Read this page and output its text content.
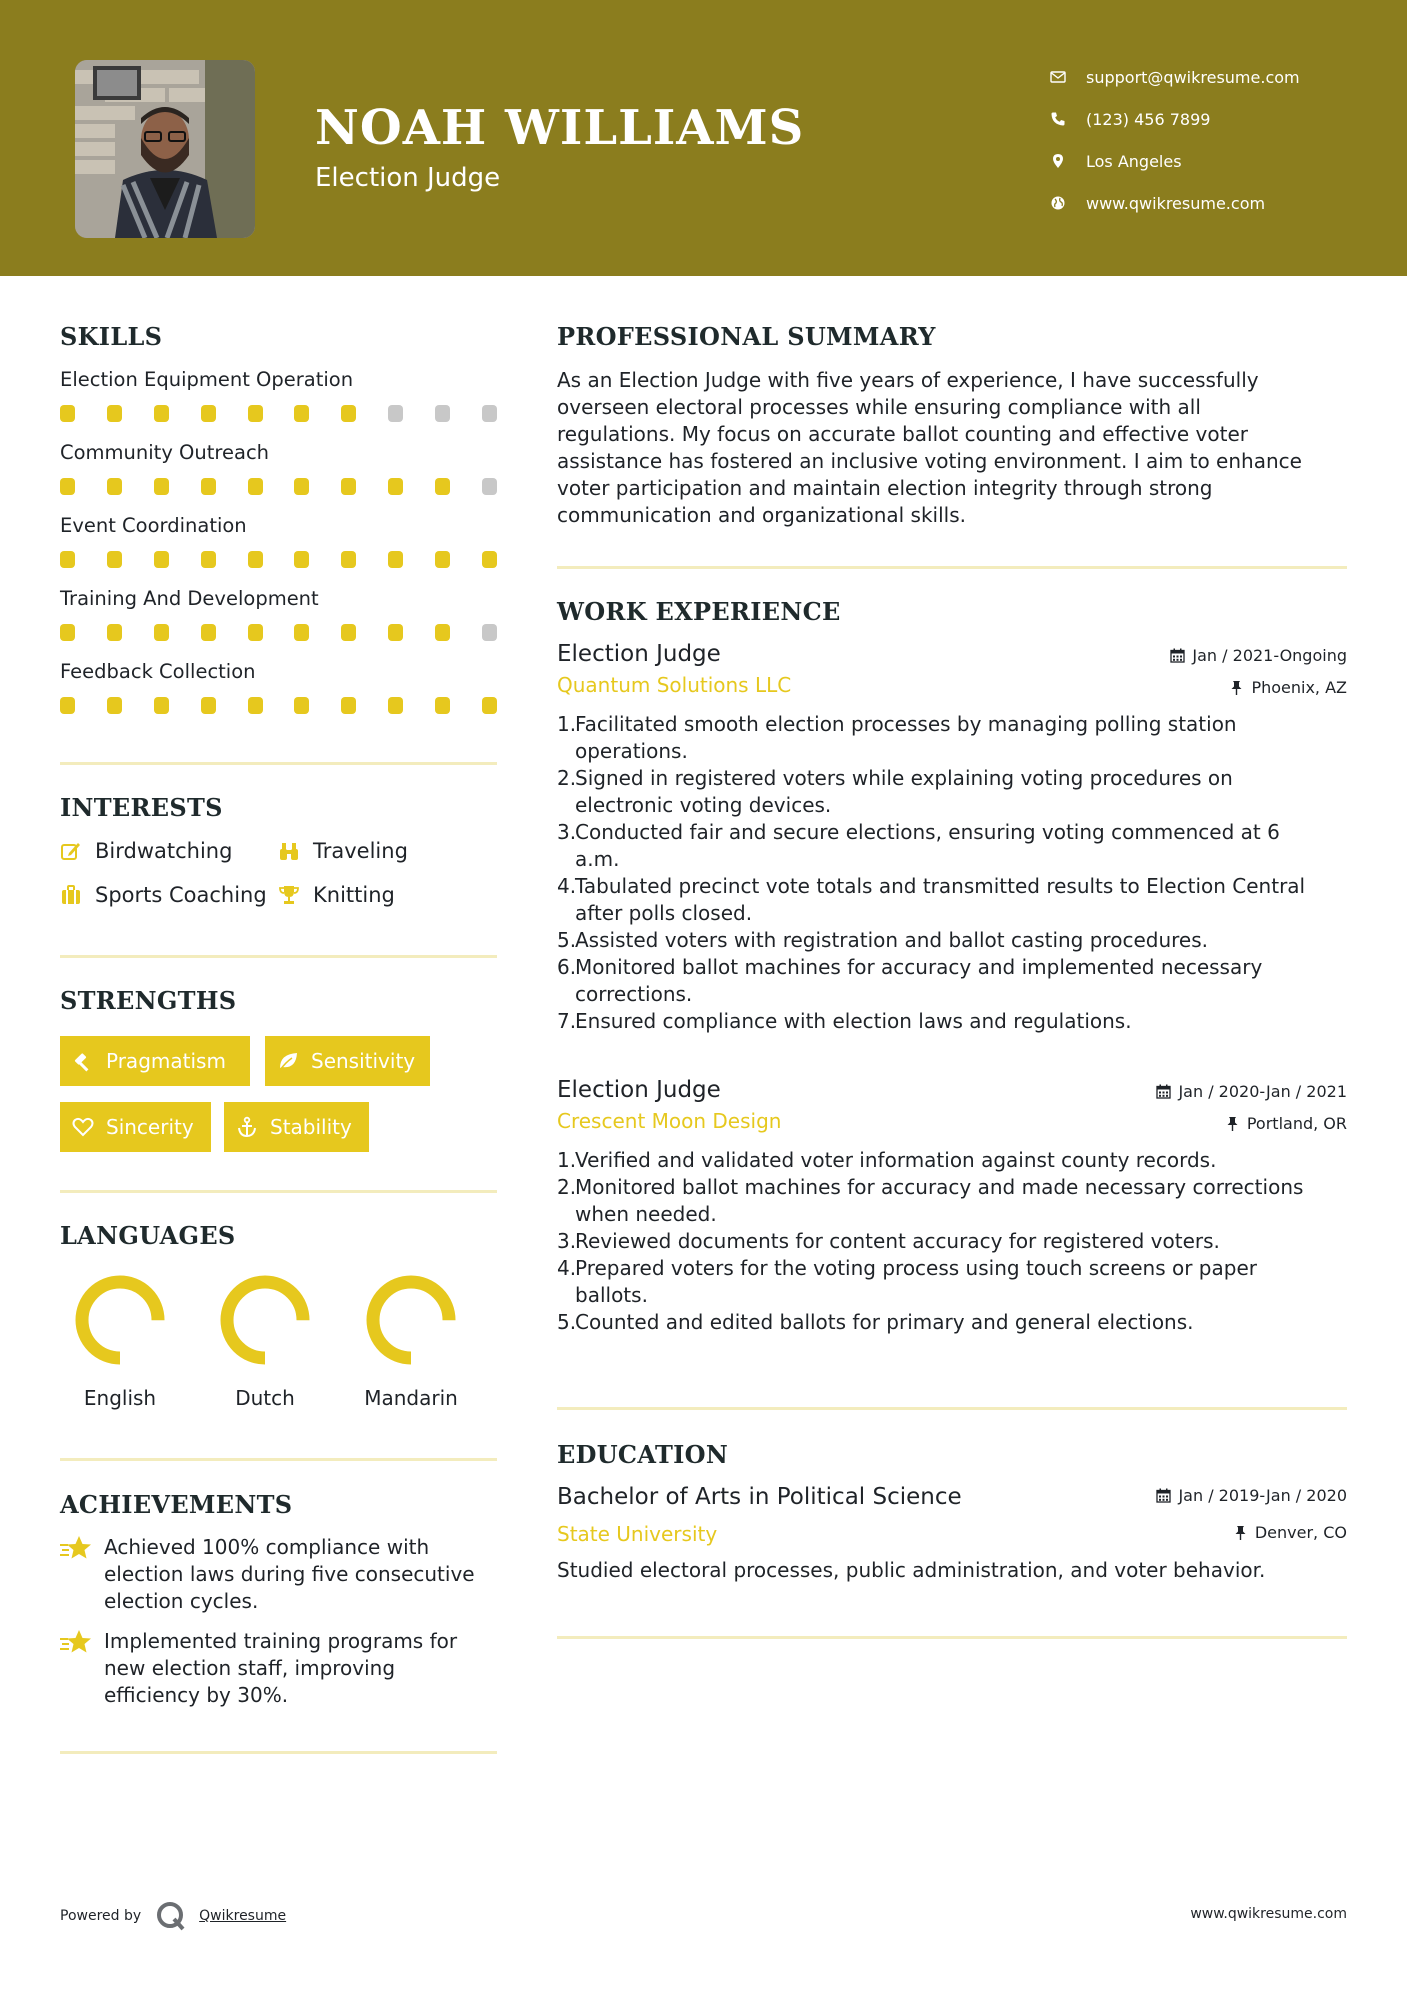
NOAH WILLIAMS
Election Judge
support@qwikresume.com
(123) 456 7899
Los Angeles
www.qwikresume.com
SKILLS
Election Equipment Operation
Community Outreach
Event Coordination
Training And Development
Feedback Collection
INTERESTS
Birdwatching	Traveling
Sports Coaching Knitting
STRENGTHS
Pragmatism	Sensitivity
Sincerity	Stability
LANGUAGES
English	Dutch	Mandarin
ACHIEVEMENTS
Achieved 100% compliance with
election laws during five consecutive
election cycles.
Implemented training programs for
new election staff, improving
efficiency by 30%.
PROFESSIONAL SUMMARY
As an Election Judge with five years of experience, I have successfully
overseen electoral processes while ensuring compliance with all
regulations. My focus on accurate ballot counting and effective voter
assistance has fostered an inclusive voting environment. I aim to enhance
voter participation and maintain election integrity through strong
communication and organizational skills.
WORK EXPERIENCE
Election Judge
Quantum Solutions LLC
Jan / 2021-Ongoing
Phoenix, AZ
1.
Facilitated smooth election processes by managing polling station
operations.
2.
Signed in registered voters while explaining voting procedures on
electronic voting devices.
3.
Conducted fair and secure elections, ensuring voting commenced at 6
a.m.
4.
Tabulated precinct vote totals and transmitted results to Election Central
after polls closed.
5.
Assisted voters with registration and ballot casting procedures.
6.
Monitored ballot machines for accuracy and implemented necessary
corrections.
7.
Ensured compliance with election laws and regulations.
Election Judge
Crescent Moon Design
Jan / 2020-Jan / 2021
Portland, OR
1.
Verified and validated voter information against county records.
2.
Monitored ballot machines for accuracy and made necessary corrections
when needed.
3.
Reviewed documents for content accuracy for registered voters.
4.
Prepared voters for the voting process using touch screens or paper
ballots.
5.
Counted and edited ballots for primary and general elections.
EDUCATION
Bachelor of Arts in Political Science
State University
Jan / 2019-Jan / 2020
Denver, CO
Studied electoral processes, public administration, and voter behavior.
Powered by	Qwikresume	www.qwikresume.com
